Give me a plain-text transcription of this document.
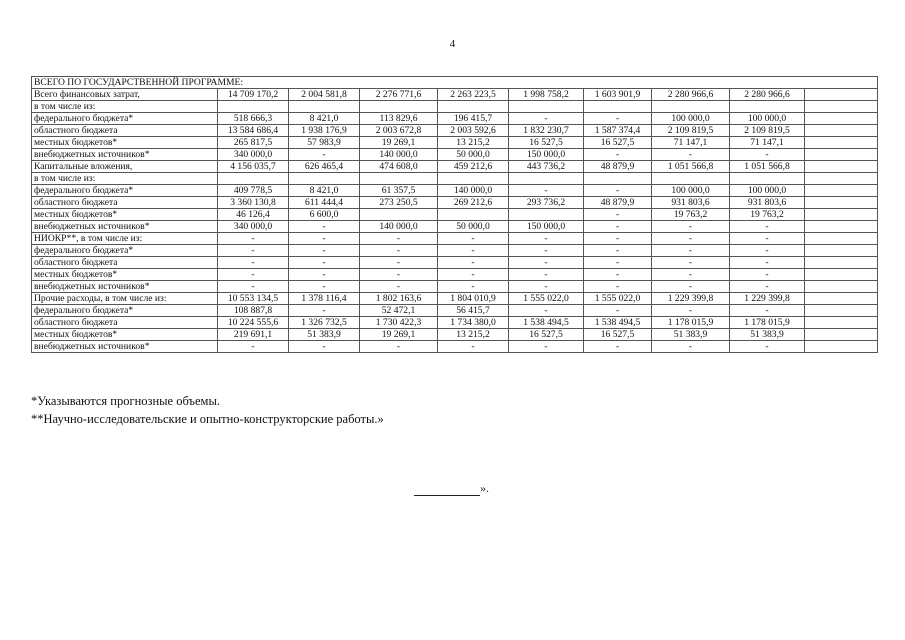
4
ВСЕГО ПО ГОСУДАРСТВЕННОЙ ПРОГРАММЕ:									
Всего финансовых затрат,	14 709 170,2	2 004 581,8	2 276 771,6	2 263 223,5	1 998 758,2	1 603 901,9	2 280 966,6	2 280 966,6	
в том числе из:									
федерального бюджета*	518 666,3	8 421,0	113 829,6	196 415,7	-	-	100 000,0	100 000,0	
областного бюджета	13 584 686,4	1 938 176,9	2 003 672,8	2 003 592,6	1 832 230,7	1 587 374,4	2 109 819,5	2 109 819,5	
местных бюджетов*	265 817,5	57 983,9	19 269,1	13 215,2	16 527,5	16 527,5	71 147,1	71 147,1	
внебюджетных источников*	340 000,0	-	140 000,0	50 000,0	150 000,0	-	-	-	
Капитальные вложения,	4 156 035,7	626 465,4	474 608,0	459 212,6	443 736,2	48 879,9	1 051 566,8	1 051 566,8	
в том числе из:									
федерального бюджета*	409 778,5	8 421,0	61 357,5	140 000,0	-	-	100 000,0	100 000,0	
областного бюджета	3 360 130,8	611 444,4	273 250,5	269 212,6	293 736,2	48 879,9	931 803,6	931 803,6	
местных бюджетов*	46 126,4	6 600,0				-	19 763,2	19 763,2	
внебюджетных источников*	340 000,0	-	140 000,0	50 000,0	150 000,0	-	-	-	
НИОКР**, в том числе из:	-	-	-	-	-	-	-	-	
федерального бюджета*	-	-	-	-	-	-	-	-	
областного бюджета	-	-	-	-	-	-	-	-	
местных бюджетов*	-	-	-	-	-	-	-	-	
внебюджетных источников*	-	-	-	-	-	-	-	-	
Прочие расходы, в том числе из:	10 553 134,5	1 378 116,4	1 802 163,6	1 804 010,9	1 555 022,0	1 555 022,0	1 229 399,8	1 229 399,8	
федерального бюджета*	108 887,8	-	52 472,1	56 415,7	-	-	-	-	
областного бюджета	10 224 555,6	1 326 732,5	1 730 422,3	1 734 380,0	1 538 494,5	1 538 494,5	1 178 015,9	1 178 015,9	
местных бюджетов*	219 691,1	51 383,9	19 269,1	13 215,2	16 527,5	16 527,5	51 383,9	51 383,9	
внебюджетных источников*	-	-	-	-	-	-	-	-	
*Указываются прогнозные объемы.
**Научно-исследовательские и опытно-конструкторские работы.»
».
